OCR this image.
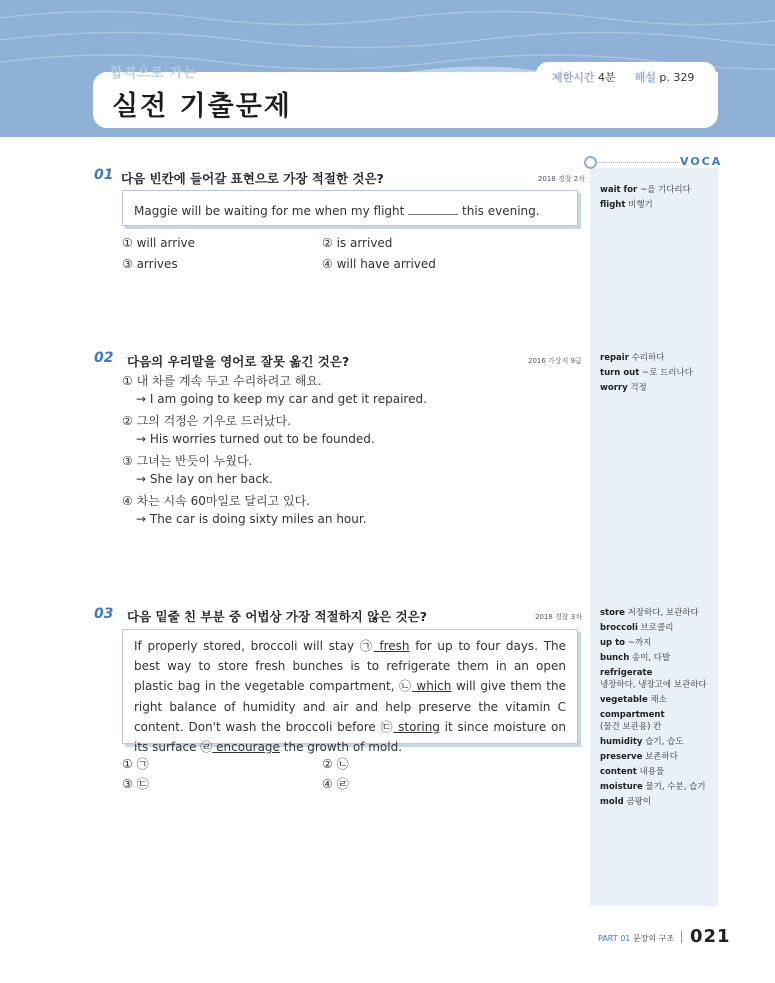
합격으로 가는
실전 기출문제
제한시간 4분 해설 p. 329
VOCA
wait for ~을 기다리다
flight 비행기
repair 수리하다
turn out ~로 드러나다
worry 걱정
store 저장하다, 보관하다
broccoli 브로콜리
up to ~까지
bunch 송이, 다발
refrigerate
냉장하다, 냉장고에 보관하다
vegetable 채소
compartment
(물건 보관용) 칸
humidity 습기, 습도
preserve 보존하다
content 내용물
moisture 물기, 수분, 습기
mold 곰팡이
01 다음 빈칸에 들어갈 표현으로 가장 적절한 것은?	2018 경찰 2차
Maggie will be waiting for me when my flight	this evening.
① will arrive	② is arrived
③ arrives	④ will have arrived
02 다음의 우리말을 영어로 잘못 옮긴 것은?	2016 가상직 9급
① 내 차를 계속 두고 수리하려고 해요.
→ I am going to keep my car and get it repaired.
② 그의 걱정은 기우로 드러났다.
→ His worries turned out to be founded.
③ 그녀는 반듯이 누웠다.
→ She lay on her back.
④ 차는 시속 60마일로 달리고 있다.
→ The car is doing sixty miles an hour.
03 다음 밑줄 친 부분 중 어법상 가장 적절하지 않은 것은?	2018 경찰 3차
If properly stored, broccoli will stay ㉠ fresh for up to four days. The best way to store fresh bunches is to refrigerate them in an open plastic bag in the vegetable compartment, ㉡ which will give them the right balance of humidity and air and help preserve the vitamin C content. Don't wash the broccoli before ㉢ storing it since moisture on its surface ㉣ encourage the growth of mold.
① ㉠	② ㉡
③ ㉢	④ ㉣
PART 01 문장의 구조 021
